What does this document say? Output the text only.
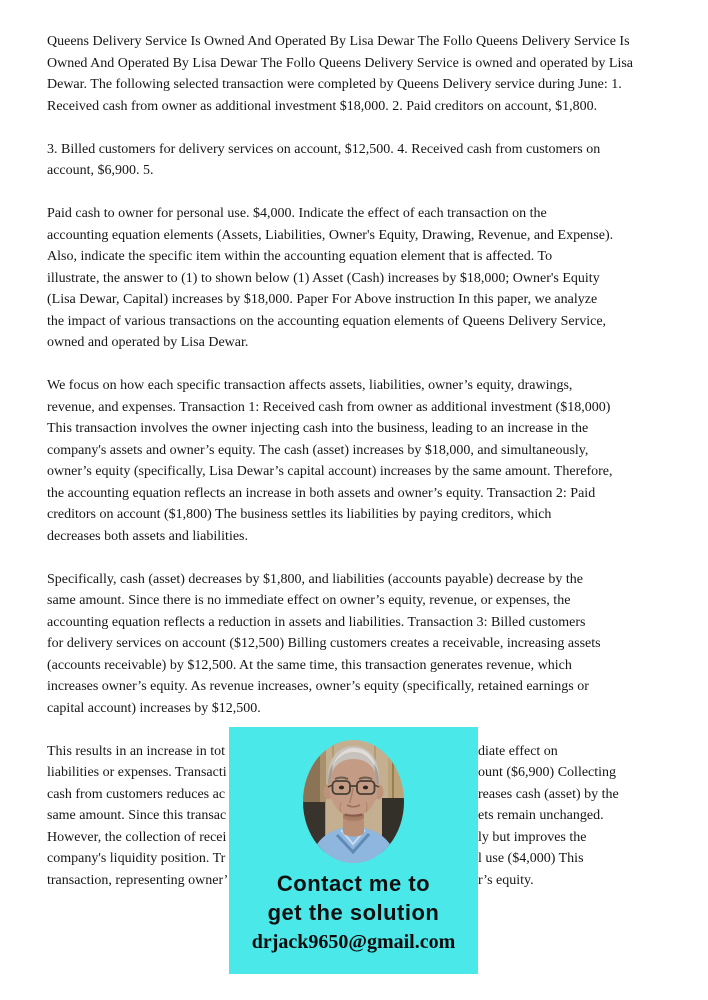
Queens Delivery Service Is Owned And Operated By Lisa Dewar The Follo Queens Delivery Service Is
Owned And Operated By Lisa Dewar The Follo Queens Delivery Service is owned and operated by Lisa
Dewar. The following selected transaction were completed by Queens Delivery service during June: 1.
Received cash from owner as additional investment $18,000. 2. Paid creditors on account, $1,800.
3. Billed customers for delivery services on account, $12,500. 4. Received cash from customers on
account, $6,900. 5.
Paid cash to owner for personal use. $4,000. Indicate the effect of each transaction on the
accounting equation elements (Assets, Liabilities, Owner's Equity, Drawing, Revenue, and Expense).
Also, indicate the specific item within the accounting equation element that is affected. To
illustrate, the answer to (1) to shown below (1) Asset (Cash) increases by $18,000; Owner's Equity
(Lisa Dewar, Capital) increases by $18,000. Paper For Above instruction In this paper, we analyze
the impact of various transactions on the accounting equation elements of Queens Delivery Service,
owned and operated by Lisa Dewar.
We focus on how each specific transaction affects assets, liabilities, owner’s equity, drawings,
revenue, and expenses. Transaction 1: Received cash from owner as additional investment ($18,000)
This transaction involves the owner injecting cash into the business, leading to an increase in the
company's assets and owner’s equity. The cash (asset) increases by $18,000, and simultaneously,
owner’s equity (specifically, Lisa Dewar’s capital account) increases by the same amount. Therefore,
the accounting equation reflects an increase in both assets and owner’s equity. Transaction 2: Paid
creditors on account ($1,800) The business settles its liabilities by paying creditors, which
decreases both assets and liabilities.
Specifically, cash (asset) decreases by $1,800, and liabilities (accounts payable) decrease by the
same amount. Since there is no immediate effect on owner’s equity, revenue, or expenses, the
accounting equation reflects a reduction in assets and liabilities. Transaction 3: Billed customers
for delivery services on account ($12,500) Billing customers creates a receivable, increasing assets
(accounts receivable) by $12,500. At the same time, this transaction generates revenue, which
increases owner’s equity. As revenue increases, owner’s equity (specifically, retained earnings or
capital account) increases by $12,500.
This results in an increase in tot	diate effect on
liabilities or expenses. Transacti	ount ($6,900) Collecting
cash from customers reduces ac	reases cash (asset) by the
same amount. Since this transac	ets remain unchanged.
However, the collection of recei	ly but improves the
company's liquidity position. Tr	l use ($4,000) This
transaction, representing owner’	r’s equity.
Contact me to
get the solution
drjack9650@gmail.com
